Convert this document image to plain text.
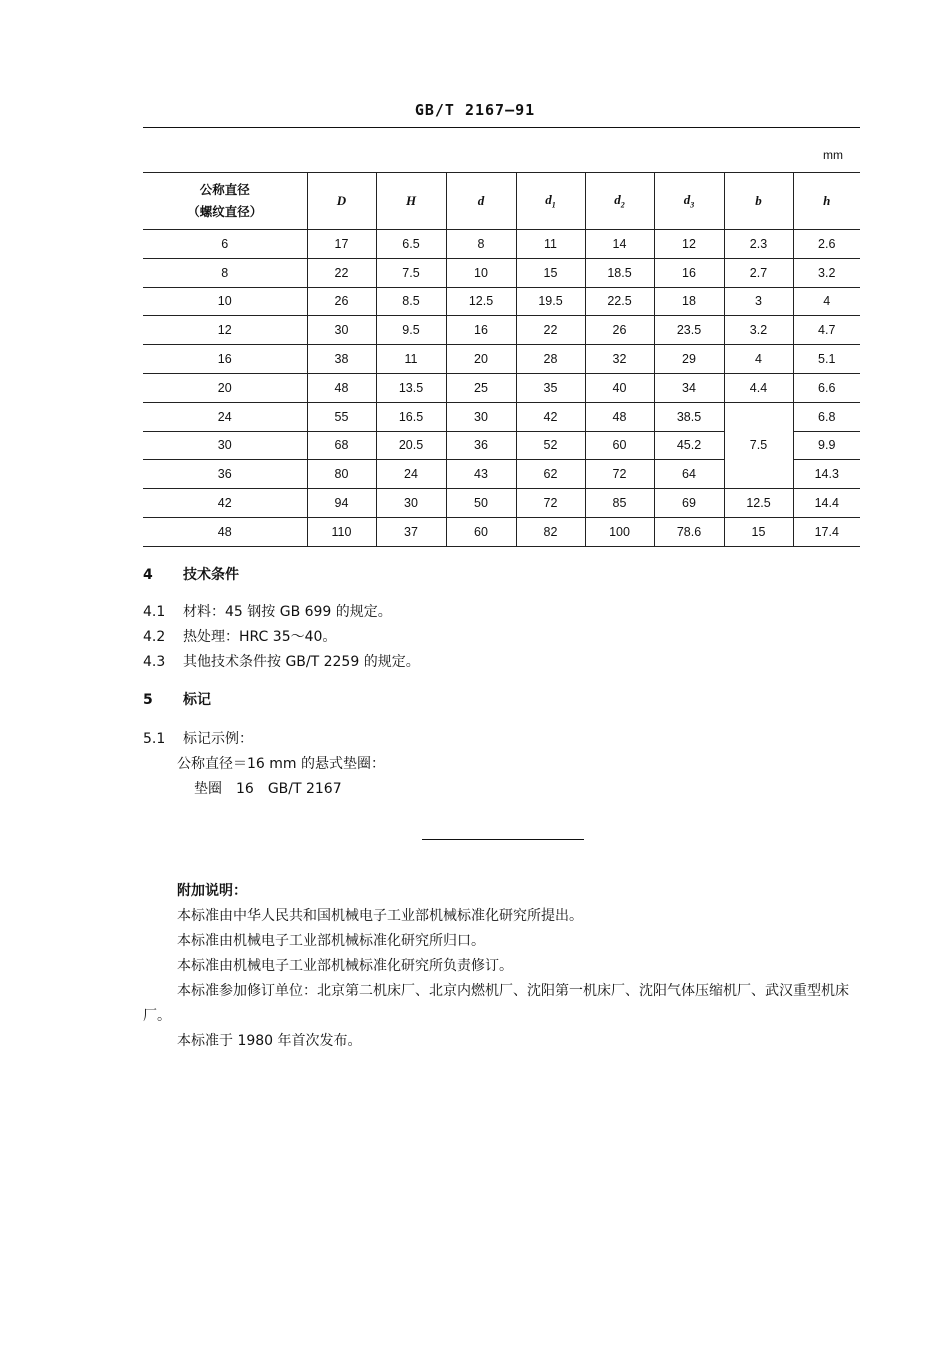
GB/T 2167—91
mm
公称直径
（螺纹直径）	D	H	d	$d_1$	$d_2$	$d_3$	b	h
6	17	6.5	8	11	14	12	2.3	2.6
8	22	7.5	10	15	18.5	16	2.7	3.2
10	26	8.5	12.5	19.5	22.5	18	3	4
12	30	9.5	16	22	26	23.5	3.2	4.7
16	38	11	20	28	32	29	4	5.1
20	48	13.5	25	35	40	34	4.4	6.6
24	55	16.5	30	42	48	38.5	7.5	6.8
30	68	20.5	36	52	60	45.2		9.9
36	80	24	43	62	72	64		14.3
42	94	30	50	72	85	69	12.5	14.4
48	110	37	60	82	100	78.6	15	17.4
4 技术条件
4.1 材料：45 钢按 GB 699 的规定。
4.2 热处理：HRC 35～40。
4.3 其他技术条件按 GB/T 2259 的规定。
5 标记
5.1 标记示例：
公称直径＝16 mm 的悬式垫圈：
垫圈　16　GB/T 2167
附加说明：
本标准由中华人民共和国机械电子工业部机械标准化研究所提出。
本标准由机械电子工业部机械标准化研究所归口。
本标准由机械电子工业部机械标准化研究所负责修订。
本标准参加修订单位：北京第二机床厂、北京内燃机厂、沈阳第一机床厂、沈阳气体压缩机厂、武汉重型机床厂。
本标准于 1980 年首次发布。
